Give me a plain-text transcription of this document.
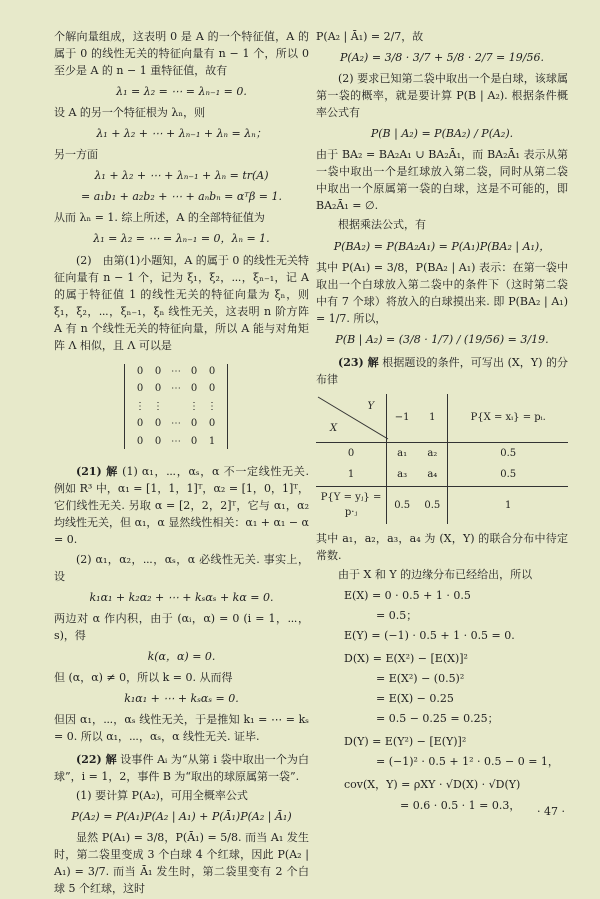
个解向量组成，这表明 0 是 A 的一个特征值，A 的属于 0 的线性无关的特征向量有 n − 1 个，所以 0 至少是 A 的 n − 1 重特征值，故有

λ₁ = λ₂ = ⋯ = λₙ₋₁ = 0.

设 A 的另一个特征根为 λₙ，则

λ₁ + λ₂ + ⋯ + λₙ₋₁ + λₙ = λₙ；

另一方面

λ₁ + λ₂ + ⋯ + λₙ₋₁ + λₙ = tr(A)
= a₁b₁ + a₂b₂ + ⋯ + aₙbₙ = αᵀβ = 1.

从而 λₙ = 1. 综上所述，A 的全部特征值为

λ₁ = λ₂ = ⋯ = λₙ₋₁ = 0，λₙ = 1.

(2)　由第(1)小题知，A 的属于 0 的线性无关特征向量有 n − 1 个，记为 ξ₁，ξ₂，⋯，ξₙ₋₁，记 A 的属于特征值 1 的线性无关的特征向量为 ξₙ，则 ξ₁，ξ₂，⋯，ξₙ₋₁，ξₙ 线性无关，这表明 n 阶方阵 A 有 n 个线性无关的特征向量，所以 A 能与对角矩阵 Λ 相似，且 Λ 可以是

0	0 ⋯ 0	0
0	0 ⋯ 0	0
⋮ ⋮	⋮ ⋮
0	0 ⋯ 0	0
0	0 ⋯ 0	1

(21) 解 (1) α₁，⋯，αₛ，α 不一定线性无关. 例如 R³ 中，α₁ = [1，1，1]ᵀ，α₂ = [1，0，1]ᵀ，它们线性无关. 另取 α = [2，2，2]ᵀ，它与 α₁，α₂ 均线性无关，但 α₁，α 显然线性相关：α₁ + α₁ − α = 0.

(2) α₁，α₂，⋯，αₛ，α 必线性无关. 事实上，设

k₁α₁ + k₂α₂ + ⋯ + kₛαₛ + kα = 0.

两边对 α 作内积，由于 (αᵢ，α) = 0 (i = 1，⋯，s)，得

k(α，α) = 0.

但 (α，α) ≠ 0，所以 k = 0. 从而得

k₁α₁ + ⋯ + kₛαₛ = 0.

但因 α₁，⋯，αₛ 线性无关，于是推知 k₁ = ⋯ = kₛ = 0. 所以 α₁，⋯，αₛ，α 线性无关. 证毕.

(22) 解 设事件 Aᵢ 为“从第 i 袋中取出一个为白球”，i = 1，2，事件 B 为“取出的球原属第一袋”.

(1) 要计算 P(A₂)，可用全概率公式

P(A₂) = P(A₁)P(A₂ | A₁) + P(Ā₁)P(A₂ | Ā₁)

显然 P(A₁) = 3/8，P(Ā₁) = 5/8. 而当 A₁ 发生时，第二袋里变成 3 个白球 4 个红球，因此 P(A₂ | A₁) = 3/7. 而当 Ā₁ 发生时，第二袋里变有 2 个白球 5 个红球，这时

P(A₂ | Ā₁) = 2/7，故

P(A₂) = 3/8 · 3/7 + 5/8 · 2/7 = 19/56.

(2) 要求已知第二袋中取出一个是白球，该球属第一袋的概率，就是要计算 P(B | A₂). 根据条件概率公式有

P(B | A₂) = P(BA₂) / P(A₂).

由于 BA₂ = BA₂A₁ ∪ BA₂Ā₁，而 BA₂Ā₁ 表示从第一袋中取出一个是红球放入第二袋，同时从第二袋中取出一个原属第一袋的白球，这是不可能的，即 BA₂Ā₁ = ∅.

根据乘法公式，有

P(BA₂) = P(BA₂A₁) = P(A₁)P(BA₂ | A₁)，

其中 P(A₁) = 3/8，P(BA₂ | A₁) 表示：在第一袋中取出一个白球放入第二袋中的条件下（这时第二袋中有 7 个球）将放入的白球摸出来. 即 P(BA₂ | A₁) = 1/7. 所以，

P(B | A₂) = (3/8 · 1/7) / (19/56) = 3/19.

(23) 解 根据题设的条件，可写出 (X，Y) 的分布律

Y
X	−1	1	P{X = xᵢ} = pᵢ.
0	a₁	a₂	0.5
1	a₃	a₄	0.5
P{Y = yⱼ} = p·ⱼ	0.5	0.5	1

其中 a₁，a₂，a₃，a₄ 为 (X，Y) 的联合分布中待定常数.

由于 X 和 Y 的边缘分布已经给出，所以

E(X) = 0 · 0.5 + 1 · 0.5
= 0.5；
E(Y) = (−1) · 0.5 + 1 · 0.5 = 0.
D(X) = E(X²) − [E(X)]²
= E(X²) − (0.5)²
= E(X) − 0.25
= 0.5 − 0.25 = 0.25；
D(Y) = E(Y²) − [E(Y)]²
= (−1)² · 0.5 + 1² · 0.5 − 0 = 1，
cov(X，Y) = ρXY · √D(X) · √D(Y)
= 0.6 · 0.5 · 1 = 0.3，	· 47 ·
